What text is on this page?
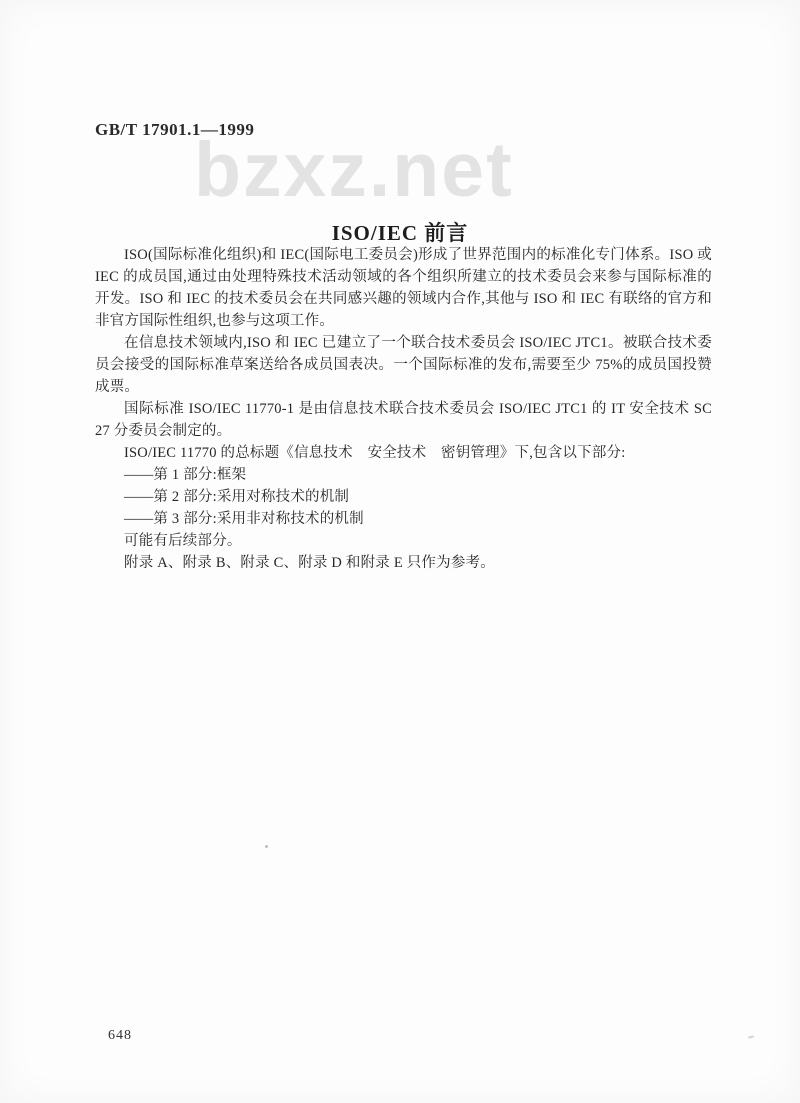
bzxz.net
GB/T 17901.1—1999
ISO/IEC 前言

ISO(国际标准化组织)和 IEC(国际电工委员会)形成了世界范围内的标准化专门体系。ISO 或 IEC 的成员国,通过由处理特殊技术活动领域的各个组织所建立的技术委员会来参与国际标准的开发。ISO 和 IEC 的技术委员会在共同感兴趣的领域内合作,其他与 ISO 和 IEC 有联络的官方和非官方国际性组织,也参与这项工作。

在信息技术领域内,ISO 和 IEC 已建立了一个联合技术委员会 ISO/IEC JTC1。被联合技术委员会接受的国际标准草案送给各成员国表决。一个国际标准的发布,需要至少 75%的成员国投赞成票。

国际标准 ISO/IEC 11770-1 是由信息技术联合技术委员会 ISO/IEC JTC1 的 IT 安全技术 SC 27 分委员会制定的。

ISO/IEC 11770 的总标题《信息技术　安全技术　密钥管理》下,包含以下部分:

——第 1 部分:框架

——第 2 部分:采用对称技术的机制

——第 3 部分:采用非对称技术的机制

可能有后续部分。

附录 A、附录 B、附录 C、附录 D 和附录 E 只作为参考。

648
